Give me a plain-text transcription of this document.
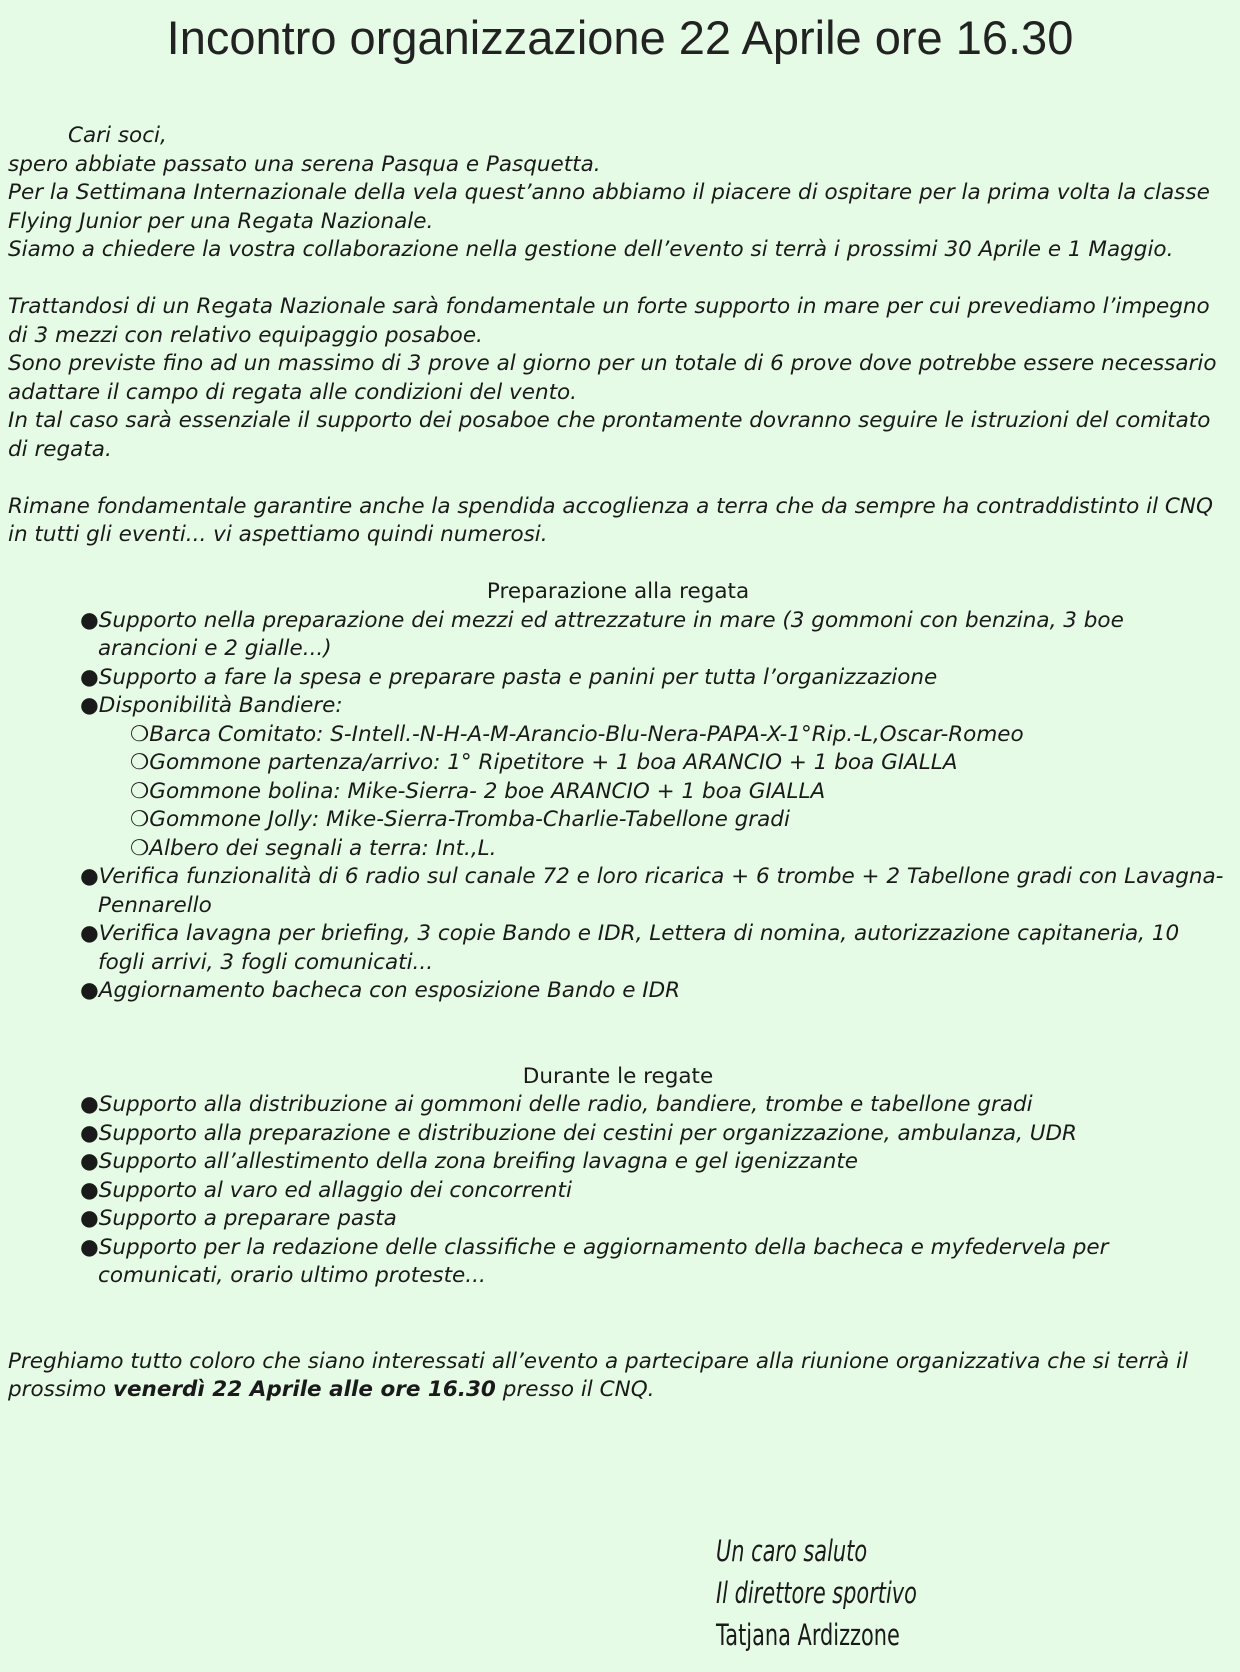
Incontro organizzazione 22 Aprile ore 16.30

Cari soci,

spero abbiate passato una serena Pasqua e Pasquetta.

Per la Settimana Internazionale della vela quest’anno abbiamo il piacere di ospitare per la prima volta la classe Flying Junior per una Regata Nazionale.

Siamo a chiedere la vostra collaborazione nella gestione dell’evento si terrà i prossimi 30 Aprile e 1 Maggio.

Trattandosi di un Regata Nazionale sarà fondamentale un forte supporto in mare per cui prevediamo l’impegno di 3 mezzi con relativo equipaggio posaboe.

Sono previste fino ad un massimo di 3 prove al giorno per un totale di 6 prove dove potrebbe essere necessario adattare il campo di regata alle condizioni del vento.

In tal caso sarà essenziale il supporto dei posaboe che prontamente dovranno seguire le istruzioni del comitato di regata.

Rimane fondamentale garantire anche la spendida accoglienza a terra che da sempre ha contraddistinto il CNQ in tutti gli eventi... vi aspettiamo quindi numerosi.

Preparazione alla regata

●Supporto nella preparazione dei mezzi ed attrezzature in mare (3 gommoni con benzina, 3 boe arancioni e 2 gialle...)
●Supporto a fare la spesa e preparare pasta e panini per tutta l’organizzazione
●Disponibilità Bandiere:
❍Barca Comitato: S-Intell.-N-H-A-M-Arancio-Blu-Nera-PAPA-X-1°Rip.-L,Oscar-Romeo
❍Gommone partenza/arrivo: 1° Ripetitore + 1 boa ARANCIO + 1 boa GIALLA
❍Gommone bolina: Mike-Sierra- 2 boe ARANCIO + 1 boa GIALLA
❍Gommone Jolly: Mike-Sierra-Tromba-Charlie-Tabellone gradi
❍Albero dei segnali a terra: Int.,L.
●Verifica funzionalità di 6 radio sul canale 72 e loro ricarica + 6 trombe + 2 Tabellone gradi con Lavagna-Pennarello
●Verifica lavagna per briefing, 3 copie Bando e IDR, Lettera di nomina, autorizzazione capitaneria, 10 fogli arrivi, 3 fogli comunicati...
●Aggiornamento bacheca con esposizione Bando e IDR

Durante le regate

●Supporto alla distribuzione ai gommoni delle radio, bandiere, trombe e tabellone gradi
●Supporto alla preparazione e distribuzione dei cestini per organizzazione, ambulanza, UDR
●Supporto all’allestimento della zona breifing lavagna e gel igenizzante
●Supporto al varo ed allaggio dei concorrenti
●Supporto a preparare pasta
●Supporto per la redazione delle classifiche e aggiornamento della bacheca e myfedervela per comunicati, orario ultimo proteste...

Preghiamo tutto coloro che siano interessati all’evento a partecipare alla riunione organizzativa che si terrà il prossimo venerdì 22 Aprile alle ore 16.30 presso il CNQ.

Un caro saluto
Il direttore sportivo
Tatjana Ardizzone
